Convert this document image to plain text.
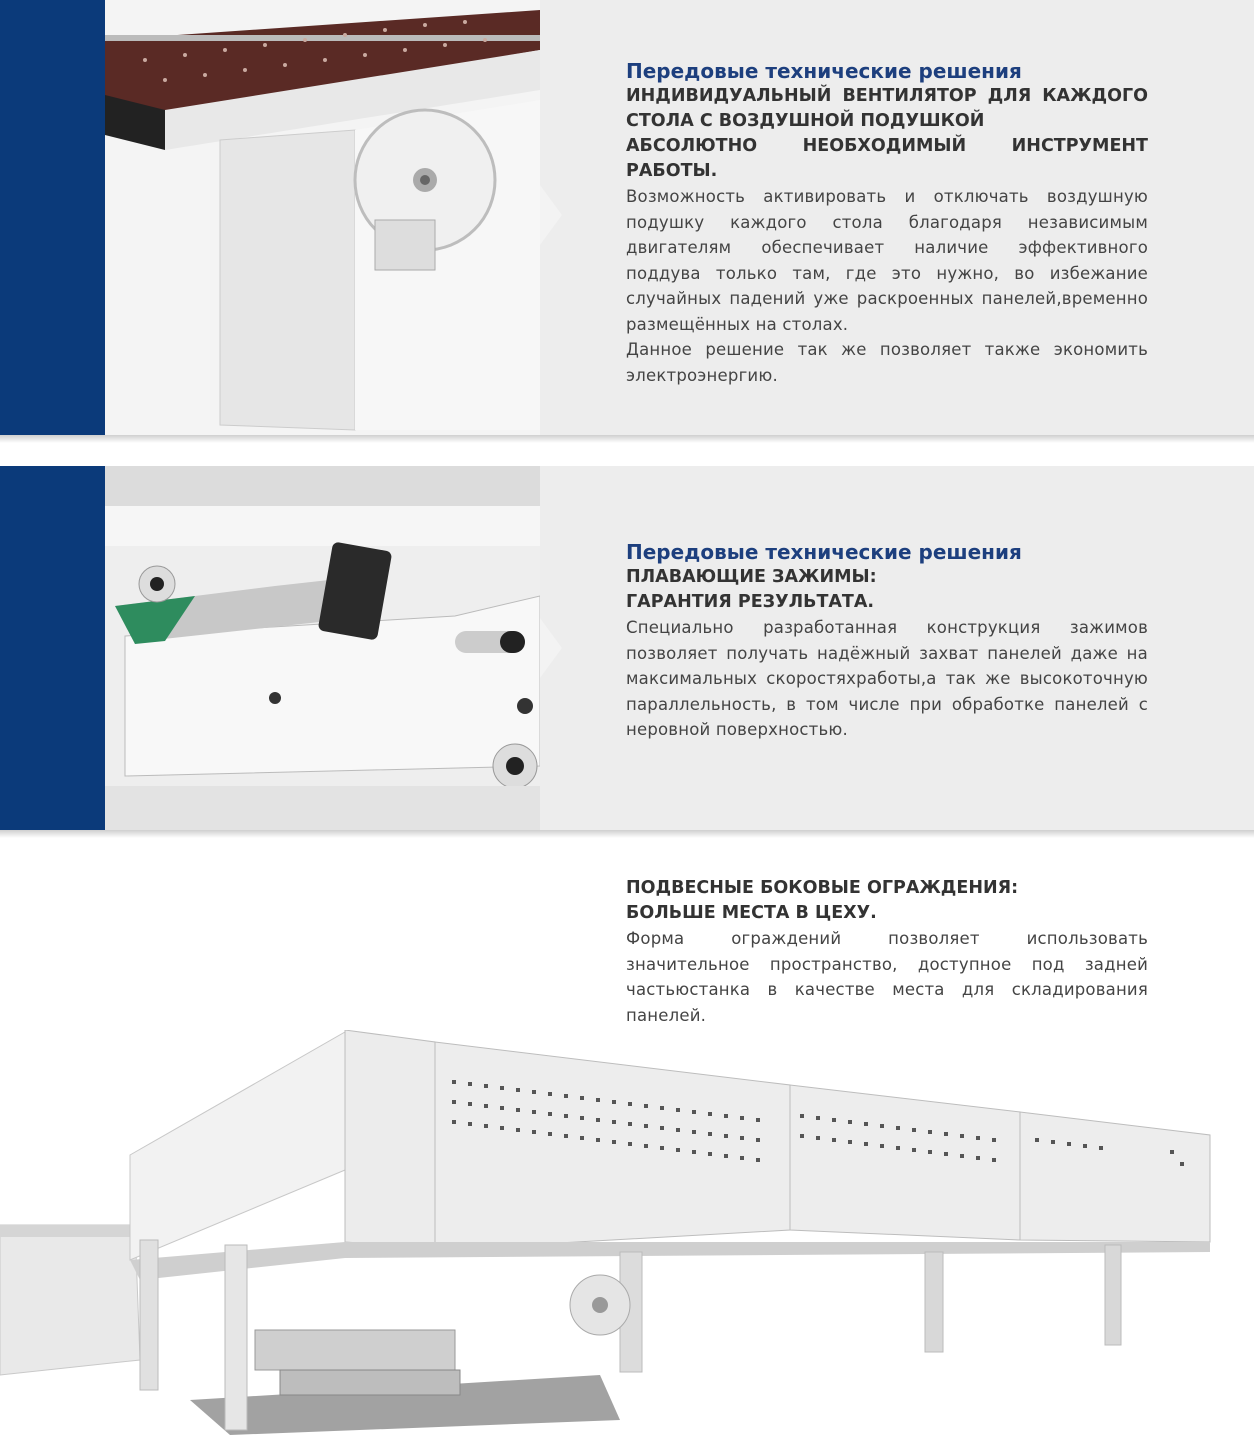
Передовые технические решения

ИНДИВИДУАЛЬНЫЙ ВЕНТИЛЯТОР ДЛЯ КАЖДОГО СТОЛА С ВОЗДУШНОЙ ПОДУШКОЙ

АБСОЛЮТНО НЕОБХОДИМЫЙ ИНСТРУМЕНТ РАБОТЫ.

Возможность активировать и отключать воздушную подушку каждого стола благодаря независимым двигателям обеспечивает наличие эффективного поддува только там, где это нужно, во избежание случайных падений уже раскроенных панелей,временно размещённых на столах.

Данное решение так же позволяет также экономить электроэнергию.

Передовые технические решения

ПЛАВАЮЩИЕ ЗАЖИМЫ:

ГАРАНТИЯ РЕЗУЛЬТАТА.

Специально разработанная конструкция зажимов позволяет получать надёжный захват панелей даже на максимальных скоростяхработы,а так же высокоточную параллельность, в том числе при обработке панелей с неровной поверхностью.

ПОДВЕСНЫЕ БОКОВЫЕ ОГРАЖДЕНИЯ:

БОЛЬШЕ МЕСТА В ЦЕХУ.

Форма ограждений позволяет использовать значительное пространство, доступное под задней частьюстанка в качестве места для складирования панелей.
